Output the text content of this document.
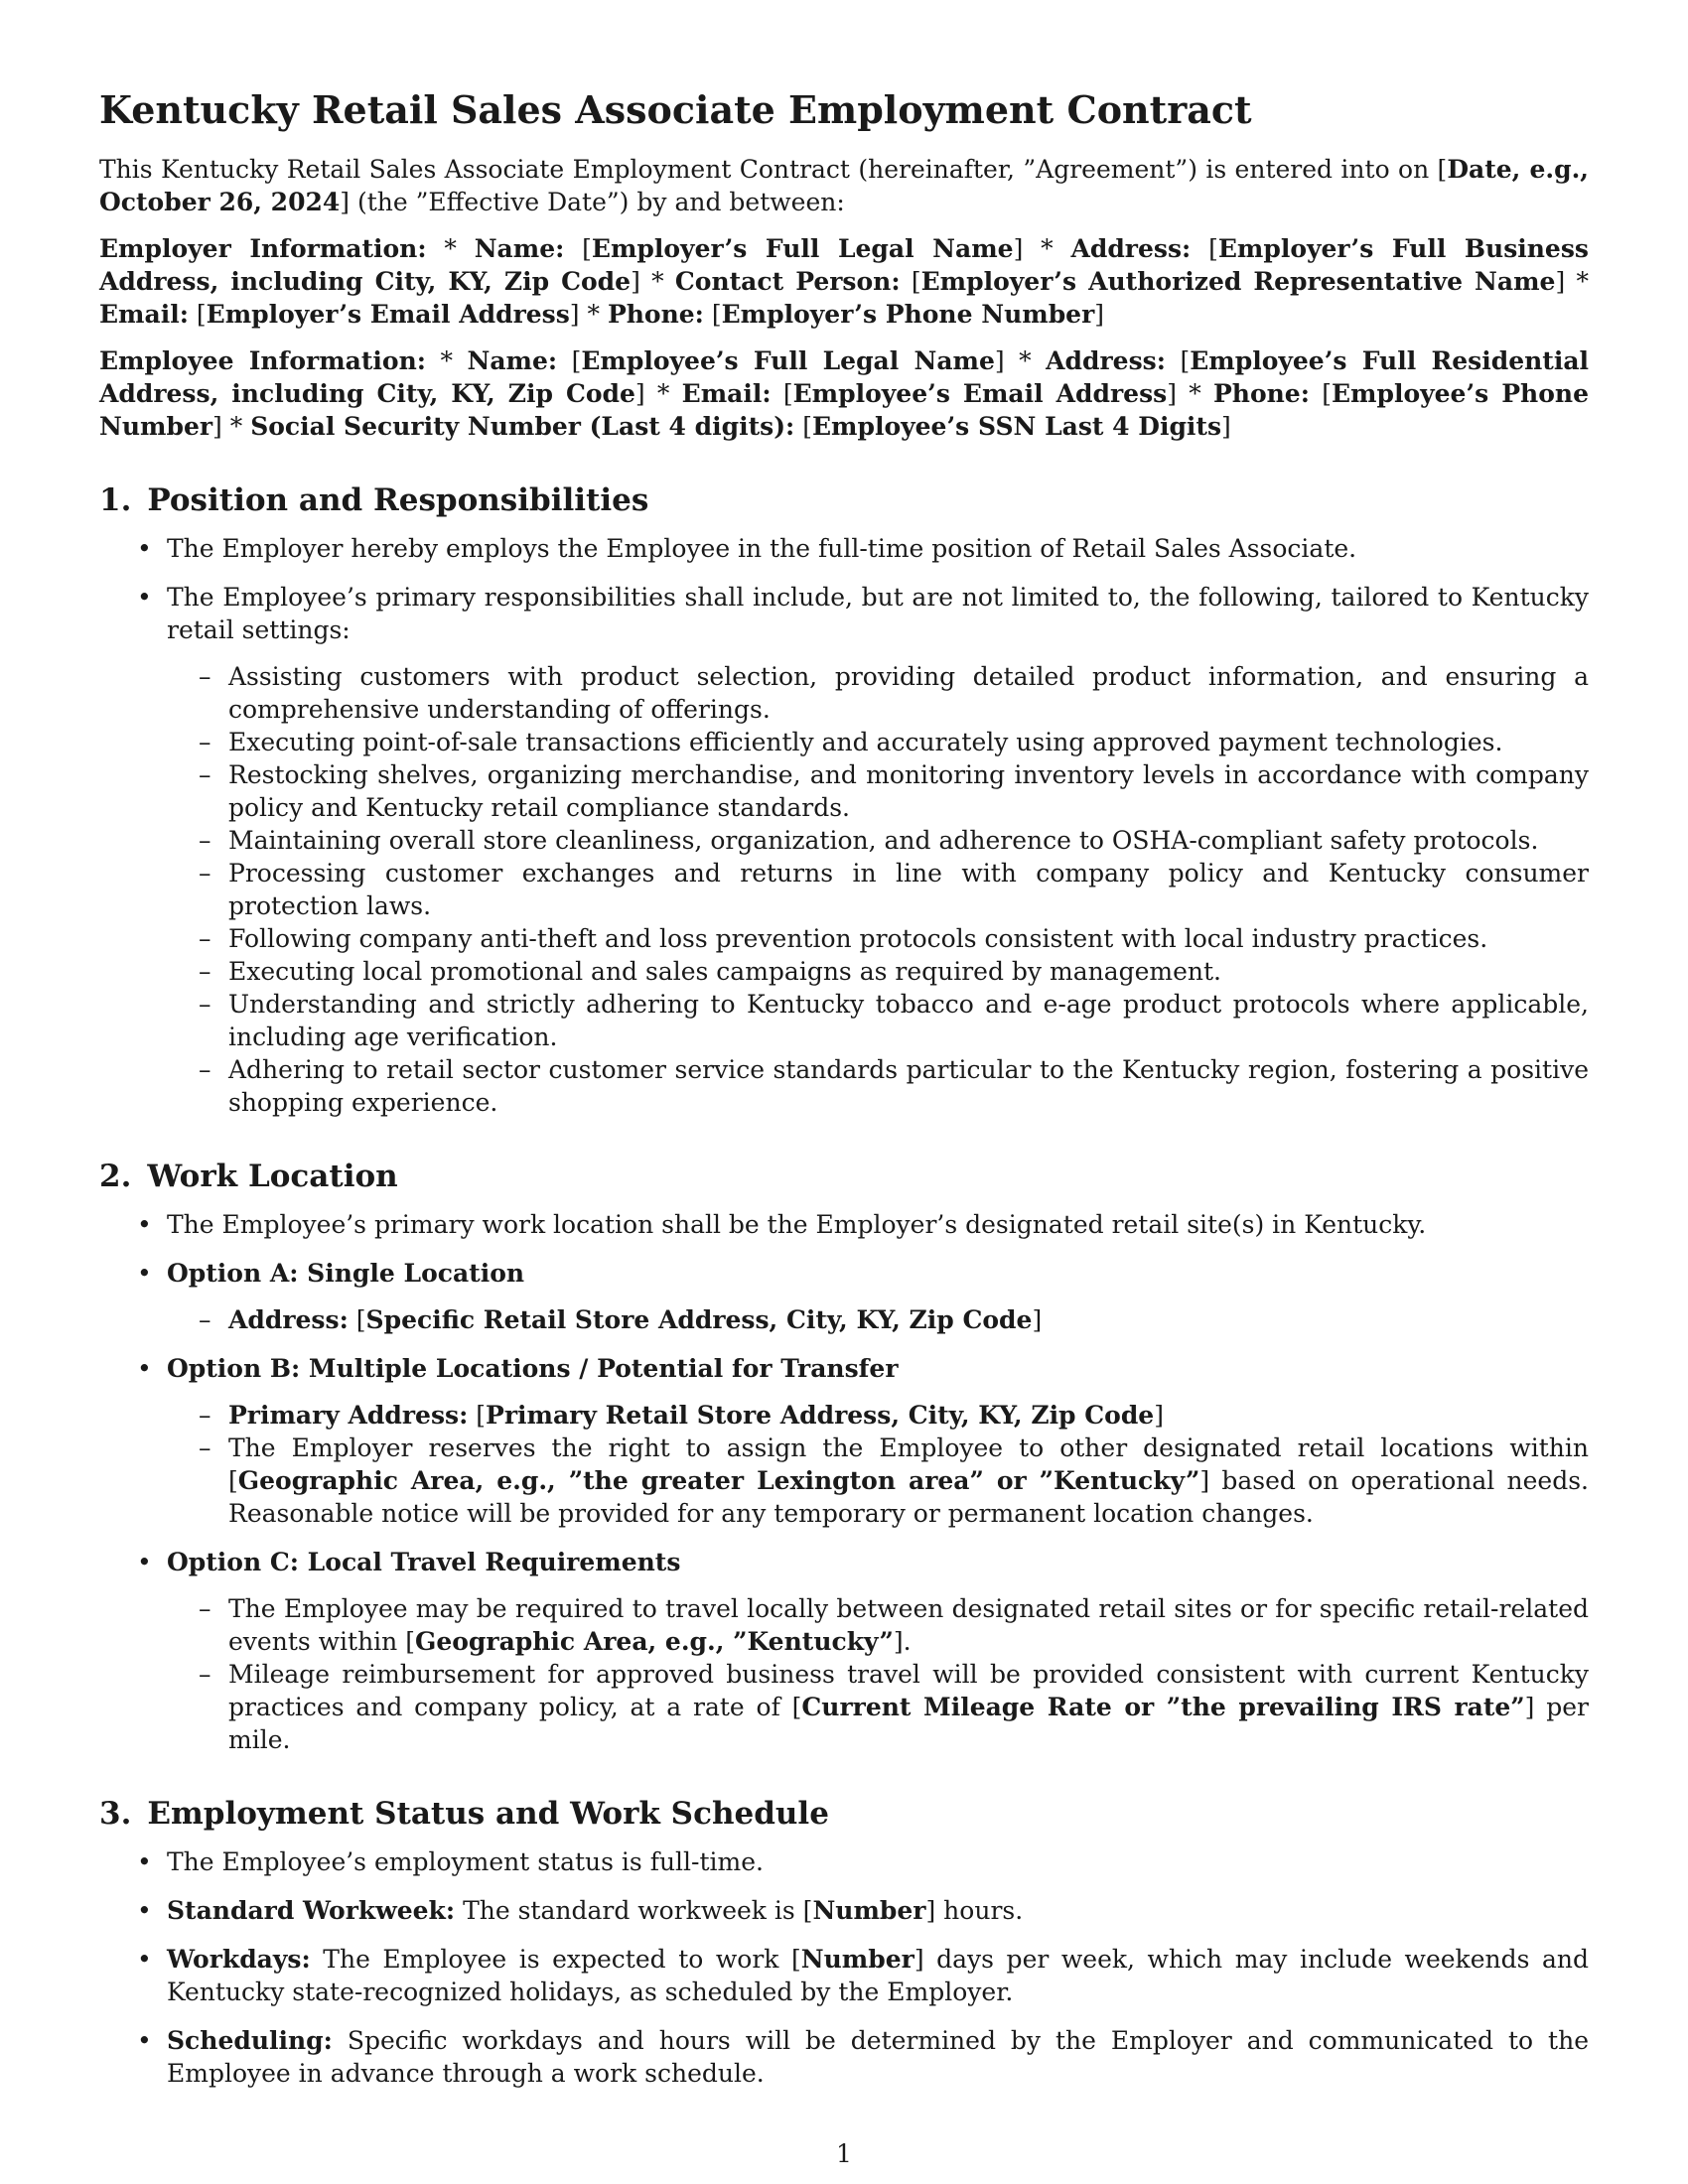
Kentucky Retail Sales Associate Employment Contract

This Kentucky Retail Sales Associate Employment Contract (hereinafter, ”Agreement”) is entered into on [Date, e.g., October 26, 2024] (the ”Effective Date”) by and between:

Employer Information: * Name: [Employer’s Full Legal Name] * Address: [Employer’s Full Business Address, including City, KY, Zip Code] * Contact Person: [Employer’s Authorized Representative Name] * Email: [Employer’s Email Address] * Phone: [Employer’s Phone Number]

Employee Information: * Name: [Employee’s Full Legal Name] * Address: [Employee’s Full Residential Address, including City, KY, Zip Code] * Email: [Employee’s Email Address] * Phone: [Employee’s Phone Number] * Social Security Number (Last 4 digits): [Employee’s SSN Last 4 Digits]

1. Position and Responsibilities
• The Employer hereby employs the Employee in the full-time position of Retail Sales Associate.
• The Employee’s primary responsibilities shall include, but are not limited to, the following, tailored to Kentucky retail settings:
– Assisting customers with product selection, providing detailed product information, and ensuring a comprehensive understanding of offerings.
– Executing point-of-sale transactions efficiently and accurately using approved payment technologies.
– Restocking shelves, organizing merchandise, and monitoring inventory levels in accordance with company policy and Kentucky retail compliance standards.
– Maintaining overall store cleanliness, organization, and adherence to OSHA-compliant safety protocols.
– Processing customer exchanges and returns in line with company policy and Kentucky consumer protection laws.
– Following company anti-theft and loss prevention protocols consistent with local industry practices.
– Executing local promotional and sales campaigns as required by management.
– Understanding and strictly adhering to Kentucky tobacco and e-age product protocols where applicable, including age verification.
– Adhering to retail sector customer service standards particular to the Kentucky region, fostering a positive shopping experience.
2. Work Location
• The Employee’s primary work location shall be the Employer’s designated retail site(s) in Kentucky.
• Option A: Single Location
– Address: [Specific Retail Store Address, City, KY, Zip Code]
• Option B: Multiple Locations / Potential for Transfer
– Primary Address: [Primary Retail Store Address, City, KY, Zip Code]
– The Employer reserves the right to assign the Employee to other designated retail locations within [Geographic Area, e.g., ”the greater Lexington area” or ”Kentucky”] based on operational needs. Reasonable notice will be provided for any temporary or permanent location changes.
• Option C: Local Travel Requirements
– The Employee may be required to travel locally between designated retail sites or for specific retail-related events within [Geographic Area, e.g., ”Kentucky”].
– Mileage reimbursement for approved business travel will be provided consistent with current Kentucky practices and company policy, at a rate of [Current Mileage Rate or ”the prevailing IRS rate”] per mile.
3. Employment Status and Work Schedule
• The Employee’s employment status is full-time.
• Standard Workweek: The standard workweek is [Number] hours.
• Workdays: The Employee is expected to work [Number] days per week, which may include weekends and Kentucky state-recognized holidays, as scheduled by the Employer.
• Scheduling: Specific workdays and hours will be determined by the Employer and communicated to the Employee in advance through a work schedule.
1
